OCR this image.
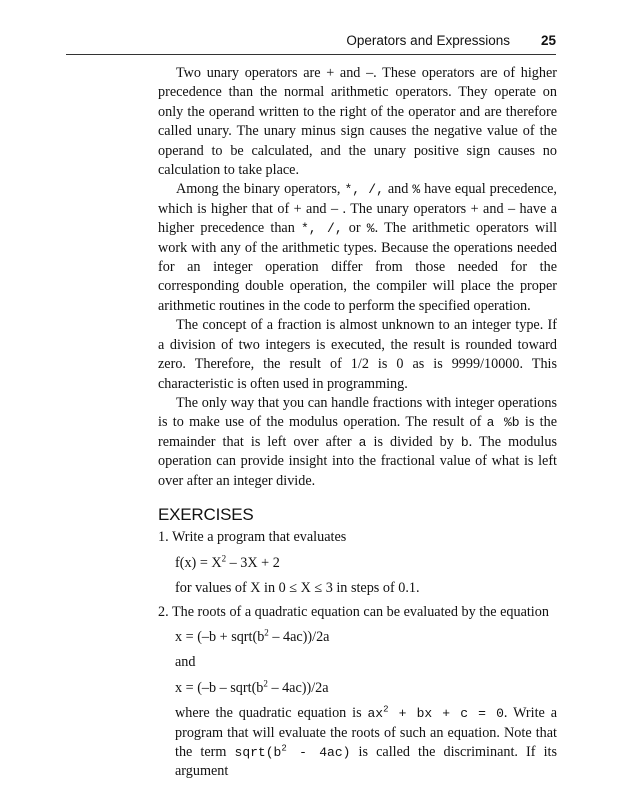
Operators and Expressions 25

Two unary operators are + and –. These operators are of higher precedence than the normal arithmetic operators. They operate on only the operand written to the right of the operator and are therefore called unary. The unary minus sign causes the negative value of the operand to be calculated, and the unary positive sign causes no calculation to take place.

Among the binary operators, *, /, and % have equal precedence, which is higher that of + and – . The unary operators + and – have a higher precedence than *, /, or %. The arithmetic operators will work with any of the arithmetic types. Because the operations needed for an integer operation differ from those needed for the corresponding double operation, the compiler will place the proper arithmetic routines in the code to perform the specified operation.

The concept of a fraction is almost unknown to an integer type. If a division of two integers is executed, the result is rounded toward zero. Therefore, the result of 1/2 is 0 as is 9999/10000. This characteristic is often used in programming.

The only way that you can handle fractions with integer operations is to make use of the modulus operation. The result of a %b is the remainder that is left over after a is divided by b. The modulus operation can provide insight into the fractional value of what is left over after an integer divide.

EXERCISES
1. Write a program that evaluates
$f(x) = X^2 - 3X + 2$
for values of X in 0 ≤ X ≤ 3 in steps of 0.1.
2. The roots of a quadratic equation can be evaluated by the equation
$x = (-b + sqrt(b^2 - 4ac))/2a$
and
$x = (-b - sqrt(b^2 - 4ac))/2a$
where the quadratic equation is $ax^2$ + bx + c = 0. Write a program that will evaluate the roots of such an equation. Note that the term $sqrt(b^2 - 4ac)$ is called the discriminant. If its argument
